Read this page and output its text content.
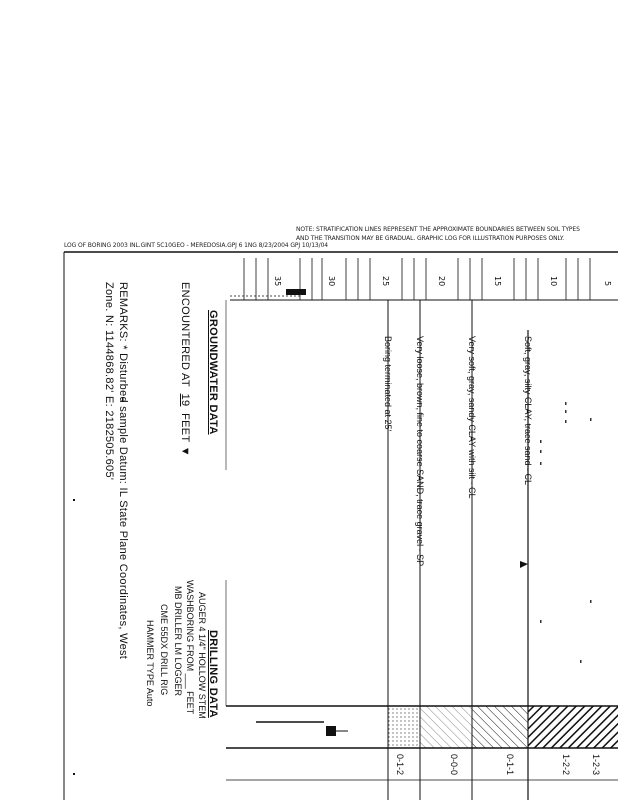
NOTE: STRATIFICATION LINES REPRESENT THE APPROXIMATE BOUNDARIES BETWEEN SOIL TYPES
AND THE TRANSITION MAY BE GRADUAL. GRAPHIC LOG FOR ILLUSTRATION PURPOSES ONLY.
LOG OF BORING 2003 INL.GINT 5C10GEO - MEREDOSIA.GPJ 6 1NG 8/23/2004 GPJ 10/13/04
5
10
15
20
25
30
35
Soft, gray, silty CLAY, trace sand - CL
Very soft, gray, sandy CLAY with silt - CL
Very loose, brown, fine to coarse SAND, trace gravel - SP
Boring terminated at 25'
GROUNDWATER DATA
ENCOUNTERED AT  19  FEET ▼
DRILLING DATA
AUGER 4 1/4" HOLLOW STEM
WASHBORING FROM ___ FEET
MB DRILLER LM LOGGER
CME 55DX DRILL RIG
HAMMER TYPE Auto
REMARKS: * Disturbed sample Datum: IL State Plane Coordinates, West
Zone. N: 1144868.82' E: 2182505.605'
1-2-3
1-2-2
0-1-1
0-0-0
0-1-2
